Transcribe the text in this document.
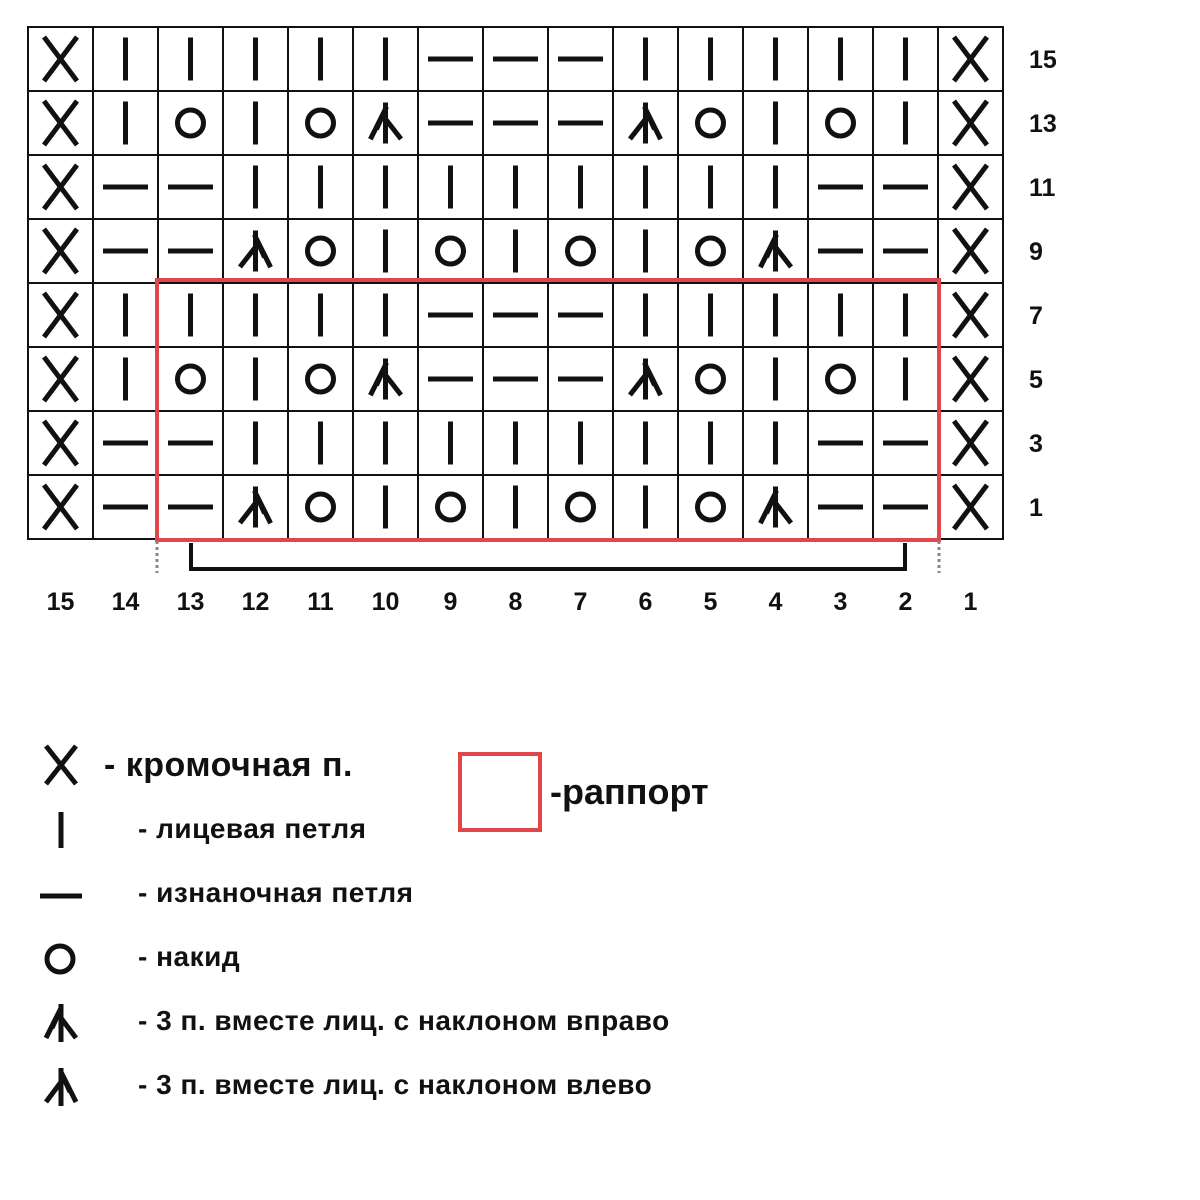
15
13
11
9
7
5
3
1
15 14 13 12 11 10 9 8 7 6 5 4 3 2 1
- кромочная п.
- лицевая петля
- изнаночная петля
- накид
- 3 п. вместе лиц. с наклоном вправо
- 3 п. вместе лиц. с наклоном влево
-раппорт
